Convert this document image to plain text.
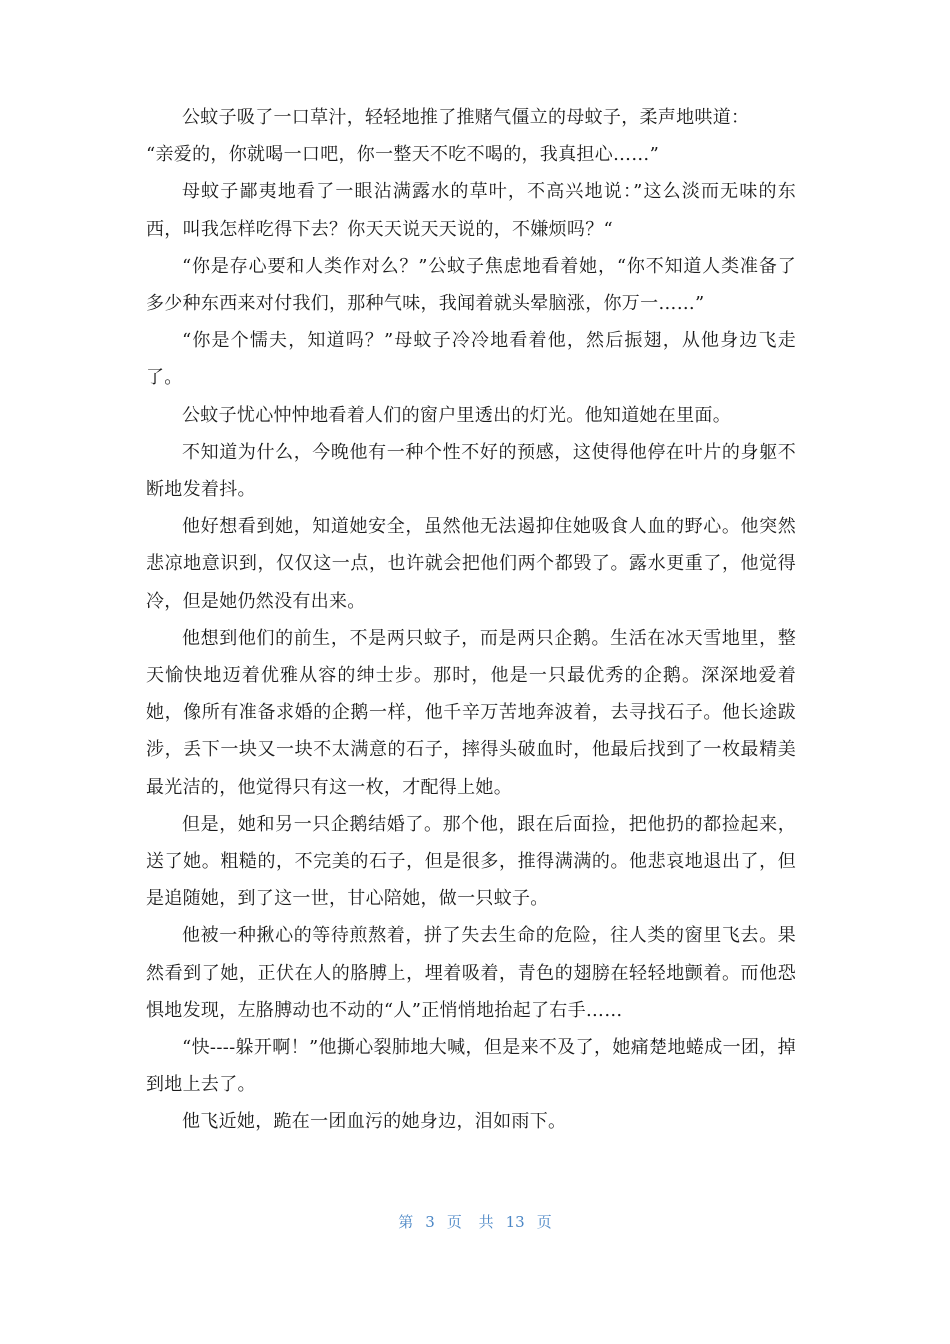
公蚊子吸了一口草汁，轻轻地推了推赌气僵立的母蚊子，柔声地哄道：

“亲爱的，你就喝一口吧，你一整天不吃不喝的，我真担心……”

母蚊子鄙夷地看了一眼沾满露水的草叶，不高兴地说：”这么淡而无味的东西，叫我怎样吃得下去？你天天说天天说的，不嫌烦吗？“

“你是存心要和人类作对么？”公蚊子焦虑地看着她，“你不知道人类准备了多少种东西来对付我们，那种气味，我闻着就头晕脑涨，你万一……”

“你是个懦夫，知道吗？”母蚊子冷冷地看着他，然后振翅，从他身边飞走了。

公蚊子忧心忡忡地看着人们的窗户里透出的灯光。他知道她在里面。

不知道为什么，今晚他有一种个性不好的预感，这使得他停在叶片的身躯不断地发着抖。

他好想看到她，知道她安全，虽然他无法遏抑住她吸食人血的野心。他突然悲凉地意识到，仅仅这一点，也许就会把他们两个都毁了。露水更重了，他觉得冷，但是她仍然没有出来。

他想到他们的前生，不是两只蚊子，而是两只企鹅。生活在冰天雪地里，整天愉快地迈着优雅从容的绅士步。那时，他是一只最优秀的企鹅。深深地爱着她，像所有准备求婚的企鹅一样，他千辛万苦地奔波着，去寻找石子。他长途跋涉，丢下一块又一块不太满意的石子，摔得头破血时，他最后找到了一枚最精美最光洁的，他觉得只有这一枚，才配得上她。

但是，她和另一只企鹅结婚了。那个他，跟在后面捡，把他扔的都捡起来，送了她。粗糙的，不完美的石子，但是很多，推得满满的。他悲哀地退出了，但是追随她，到了这一世，甘心陪她，做一只蚊子。

他被一种揪心的等待煎熬着，拼了失去生命的危险，往人类的窗里飞去。果然看到了她，正伏在人的胳膊上，埋着吸着，青色的翅膀在轻轻地颤着。而他恐惧地发现，左胳膊动也不动的“人”正悄悄地抬起了右手……

“快----躲开啊！”他撕心裂肺地大喊，但是来不及了，她痛楚地蜷成一团，掉到地上去了。

他飞近她，跪在一团血污的她身边，泪如雨下。

第 3 页 共 13 页
